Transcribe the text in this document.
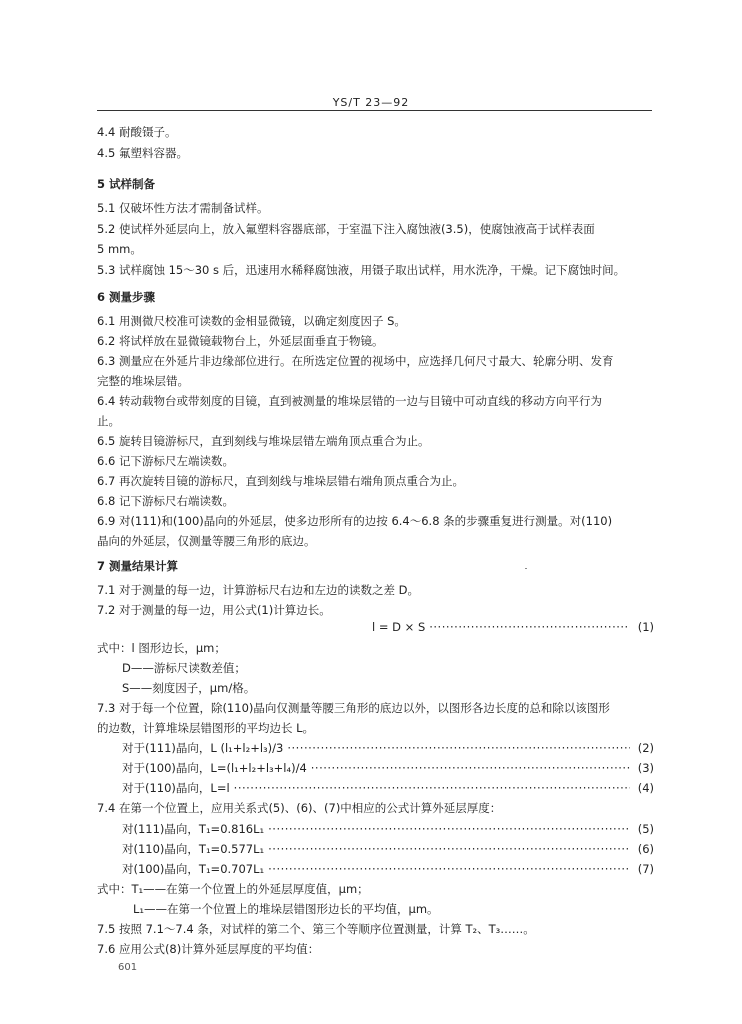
YS/T 23—92
4.4 耐酸镊子。
4.5 氟塑料容器。
5 试样制备
5.1 仅破坏性方法才需制备试样。
5.2 使试样外延层向上，放入氟塑料容器底部，于室温下注入腐蚀液(3.5)，使腐蚀液高于试样表面
5 mm。
5.3 试样腐蚀 15～30 s 后，迅速用水稀释腐蚀液，用镊子取出试样，用水洗净，干燥。记下腐蚀时间。
6 测量步骤
6.1 用测微尺校准可读数的金相显微镜，以确定刻度因子 S。
6.2 将试样放在显微镜载物台上，外延层面垂直于物镜。
6.3 测量应在外延片非边缘部位进行。在所选定位置的视场中，应选择几何尺寸最大、轮廓分明、发育
完整的堆垛层错。
6.4 转动载物台或带刻度的目镜，直到被测量的堆垛层错的一边与目镜中可动直线的移动方向平行为
止。
6.5 旋转目镜游标尺，直到刻线与堆垛层错左端角顶点重合为止。
6.6 记下游标尺左端读数。
6.7 再次旋转目镜的游标尺，直到刻线与堆垛层错右端角顶点重合为止。
6.8 记下游标尺右端读数。
6.9 对(111)和(100)晶向的外延层，使多边形所有的边按 6.4～6.8 条的步骤重复进行测量。对(110)
晶向的外延层，仅测量等腰三角形的底边。
7 测量结果计算
7.1 对于测量的每一边，计算游标尺右边和左边的读数之差 D。
7.2 对于测量的每一边，用公式(1)计算边长。
l = D × S ·····	(1)
式中：l 图形边长，μm；
D——游标尺读数差值；
S——刻度因子，μm/格。
7.3 对于每一个位置，除(110)晶向仅测量等腰三角形的底边以外，以图形各边长度的总和除以该图形
的边数，计算堆垛层错图形的平均边长 L。
对于(111)晶向，L (l₁+l₂+l₃)/3 ·····	(2)
对于(100)晶向，L=(l₁+l₂+l₃+l₄)/4 ·····	(3)
对于(110)晶向，L=l ·····	(4)
7.4 在第一个位置上，应用关系式(5)、(6)、(7)中相应的公式计算外延层厚度：
对(111)晶向，T₁=0.816L₁ ·····	(5)
对(110)晶向，T₁=0.577L₁ ·····	(6)
对(100)晶向，T₁=0.707L₁ ·····	(7)
式中：T₁——在第一个位置上的外延层厚度值，μm；
L₁——在第一个位置上的堆垛层错图形边长的平均值，μm。
7.5 按照 7.1～7.4 条，对试样的第二个、第三个等顺序位置测量，计算 T₂、T₃……。
7.6 应用公式(8)计算外延层厚度的平均值：
601
